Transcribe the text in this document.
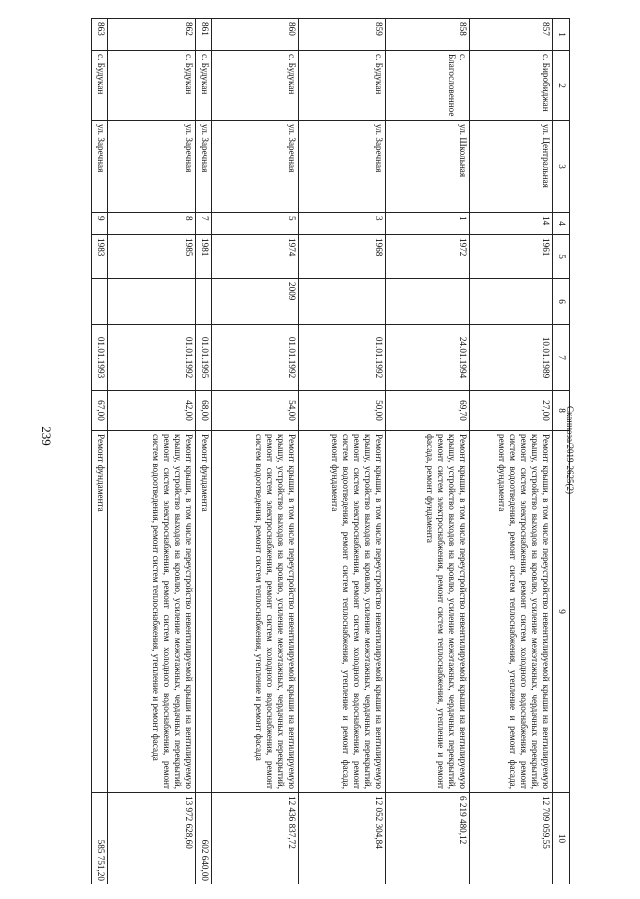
239
1	2	3	4	5	6	7	8	9	10
857	с. Биробиджан	ул. Центральная	14	1961		10.01.1989	27,00	Ремонт крыши, в том числе переустройство невентилируемой крыши на вентилируемую крышу, устройство выходов на кровлю, усиление межэтажных, чердачных перекрытий, ремонт систем электроснабжения, ремонт систем холодного водоснабжения, ремонт систем водоотведения, ремонт систем теплоснабжения, утепление и ремонт фасада, ремонт фундамента	12 709 059,55
858	с. Благословенное	ул. Школьная	1	1972		24.01.1994	69,70	Ремонт крыши, в том числе переустройство невентилируемой крыши на вентилируемую крышу, устройство выходов на кровлю, усиление межэтажных, чердачных перекрытий, ремонт систем электроснабжения, ремонт систем теплоснабжения, утепление и ремонт фасада, ремонт фундамента	6 219 480,12
859	с. Будукан	ул. Заречная	3	1968		01.01.1992	50,00	Ремонт крыши, в том числе переустройство невентилируемой крыши на вентилируемую крышу, устройство выходов на кровлю, усиление межэтажных, чердачных перекрытий, ремонт систем электроснабжения, ремонт систем холодного водоснабжения, ремонт систем водоотведения, ремонт систем теплоснабжения, утепление и ремонт фасада, ремонт фундамента	12 052 304,84
860	с. Будукан	ул. Заречная	5	1974	2009	01.01.1992	54,00	Ремонт крыши, в том числе переустройство невентилируемой крыши на вентилируемую крышу, устройство выходов на кровлю, усиление межэтажных, чердачных перекрытий, ремонт систем электроснабжения, ремонт систем холодного водоснабжения, ремонт систем водоотведения, ремонт систем теплоснабжения, утепление и ремонт фасада	12 436 837,72
861	с. Будукан	ул. Заречная	7	1981		01.01.1995	68,00	Ремонт фундамента	602 640,00
862	с. Будукан	ул. Заречная	8	1985		01.01.1992	42,00	Ремонт крыши, в том числе переустройство невентилируемой крыши на вентилируемую крышу, устройство выходов на кровлю, усиление межэтажных, чердачных перекрытий, ремонт систем электроснабжения, ремонт систем холодного водоснабжения, ремонт систем водоотведения, ремонт систем теплоснабжения, утепление и ремонт фасада	13 972 628,60
863	с. Будукан	ул. Заречная	9	1983		01.01.1993	67,00	Ремонт фундамента	585 751,20
Сканноза/2019-2625(2)
